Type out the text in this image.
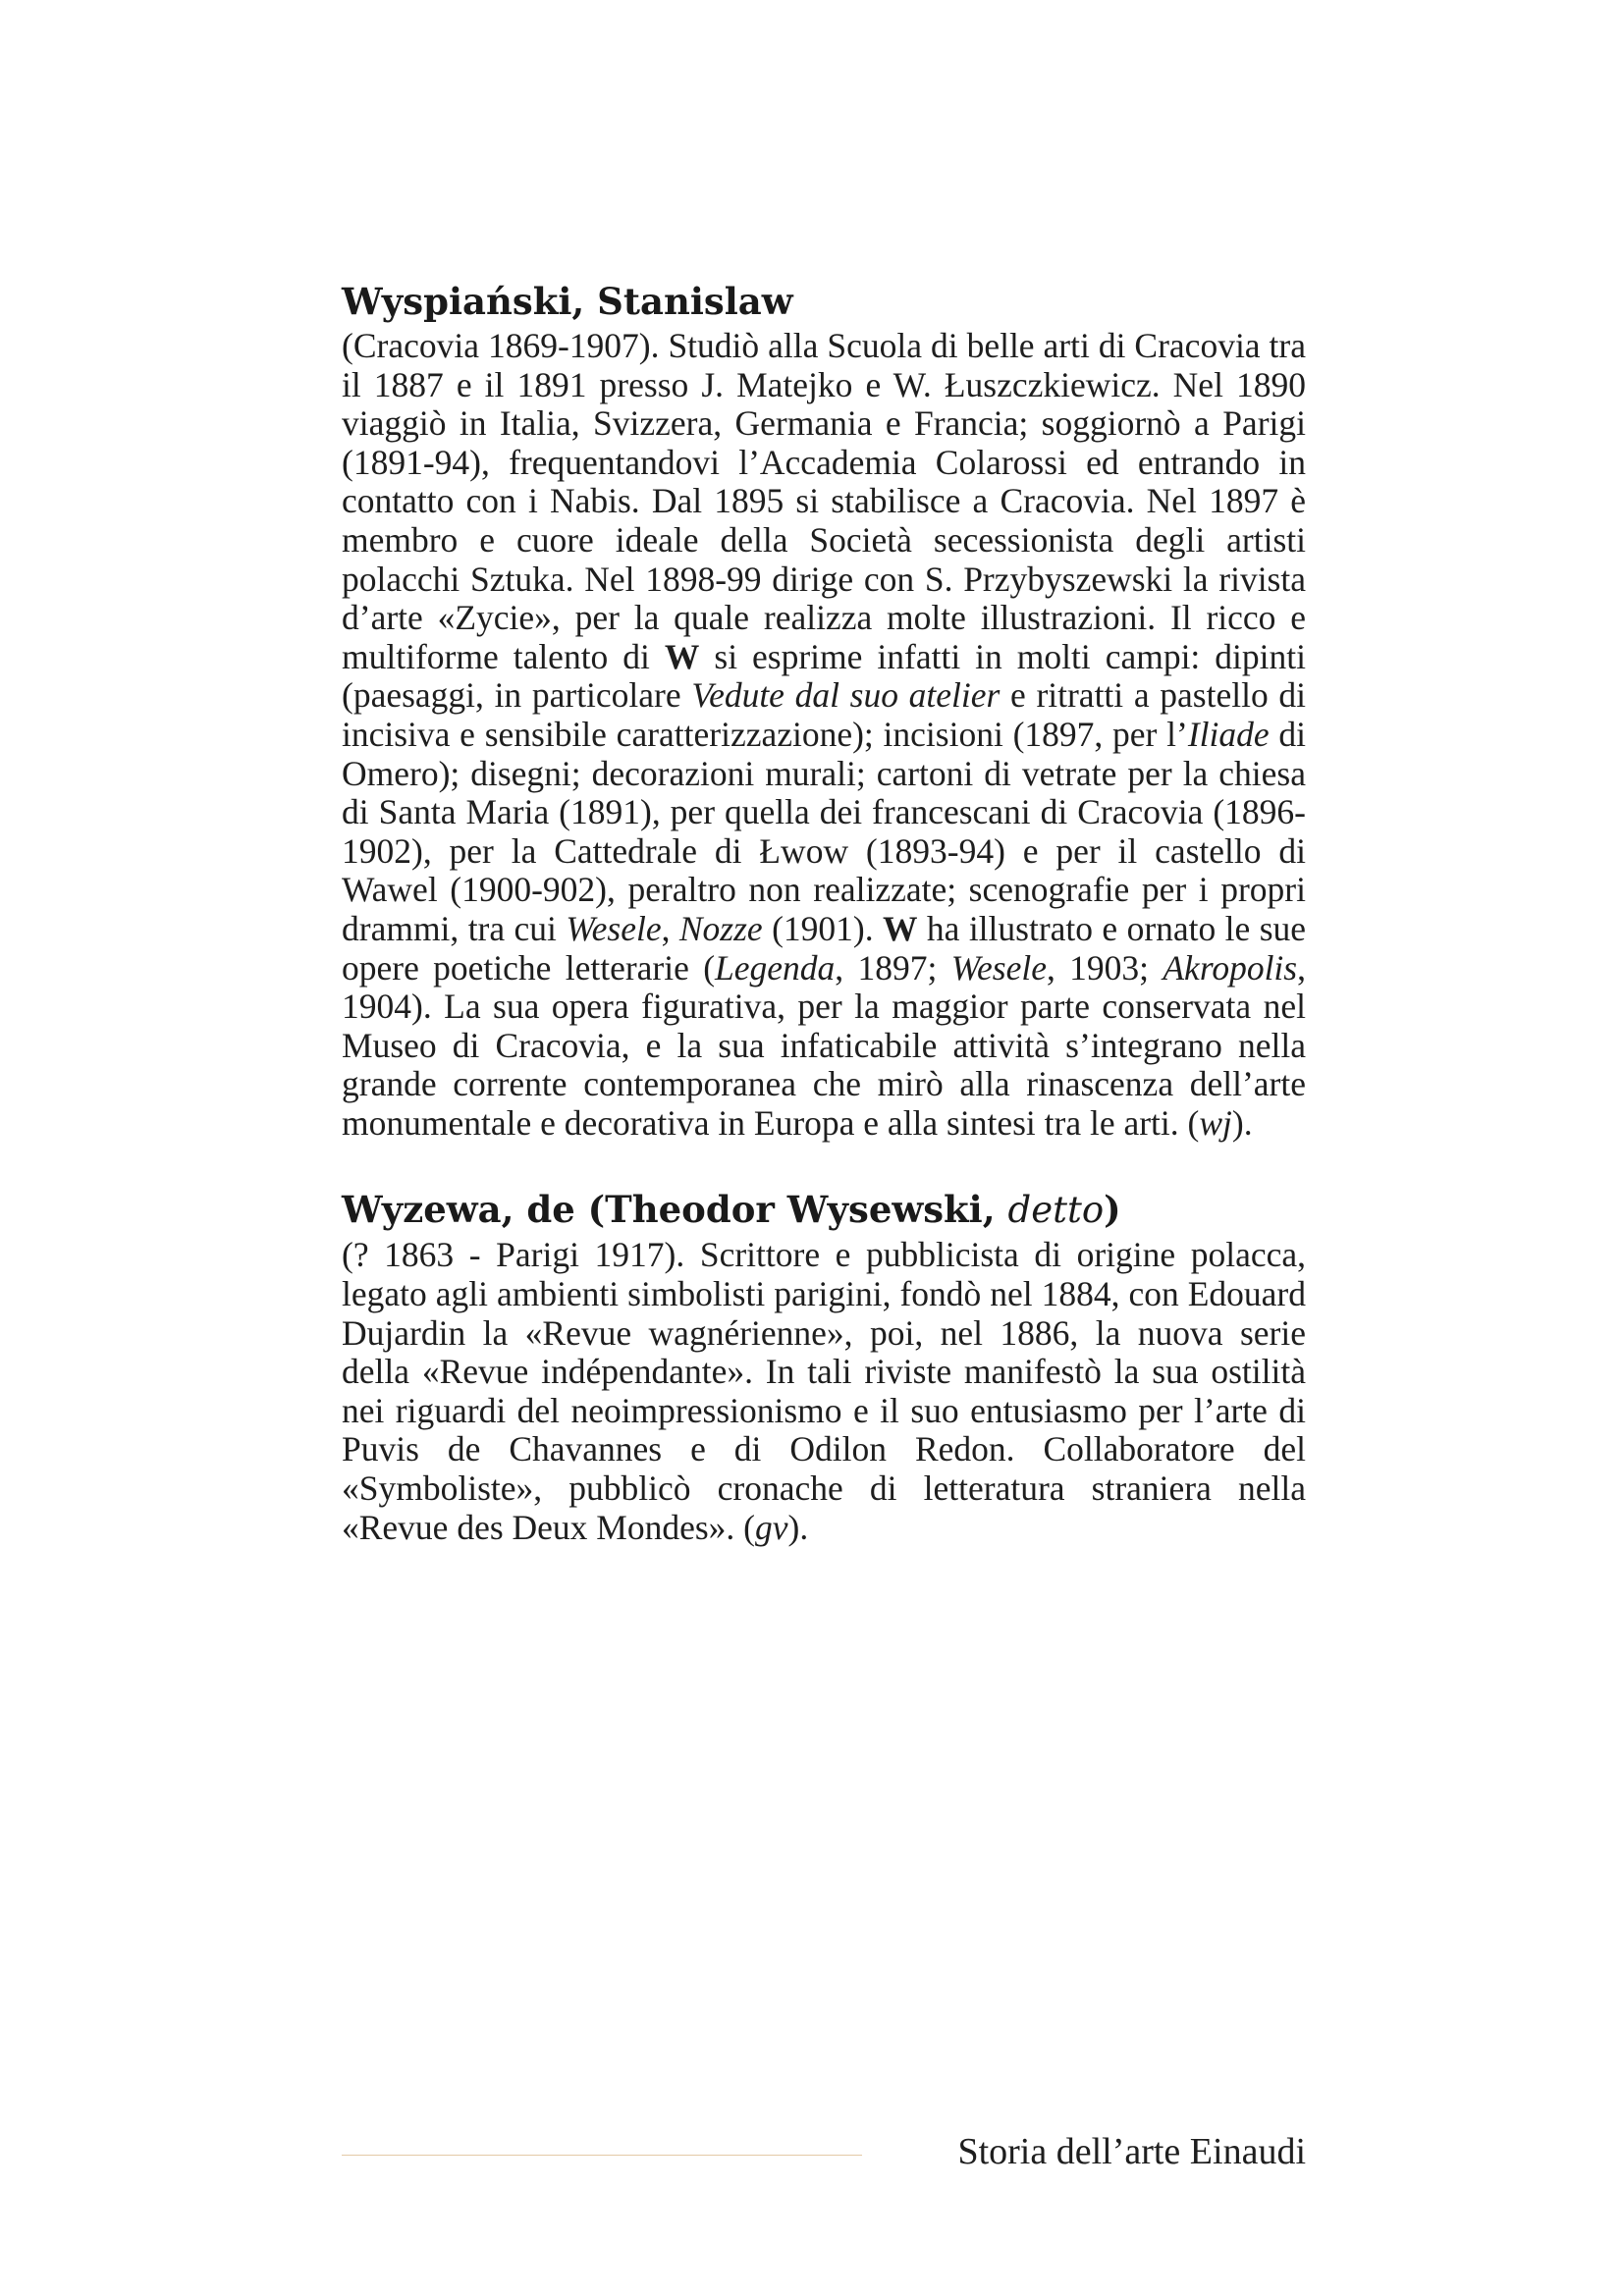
Wyspiański, Stanislaw

(Cracovia 1869-1907). Studiò alla Scuola di belle arti di Cracovia tra il 1887 e il 1891 presso J. Matejko e W. Łuszczkiewicz. Nel 1890 viaggiò in Italia, Svizzera, Germania e Francia; soggiornò a Parigi (1891-94), frequentandovi l’Accademia Colarossi ed entrando in contatto con i Nabis. Dal 1895 si stabilisce a Cracovia. Nel 1897 è membro e cuore ideale della Società secessionista degli artisti polacchi Sztuka. Nel 1898-99 dirige con S. Przybyszewski la rivista d’arte «Zycie», per la quale realizza molte illustrazioni. Il ricco e multiforme talento di W si esprime infatti in molti campi: dipinti (paesaggi, in particolare Vedute dal suo atelier e ritratti a pastello di incisiva e sensibile caratterizzazione); incisioni (1897, per l’Iliade di Omero); disegni; decorazioni murali; cartoni di vetrate per la chiesa di Santa Maria (1891), per quella dei francescani di Cracovia (1896-1902), per la Cattedrale di Łwow (1893-94) e per il castello di Wawel (1900-902), peraltro non realizzate; scenografie per i propri drammi, tra cui Wesele, Nozze (1901). W ha illustrato e ornato le sue opere poetiche letterarie (Legenda, 1897; Wesele, 1903; Akropolis, 1904). La sua opera figurativa, per la maggior parte conservata nel Museo di Cracovia, e la sua infaticabile attività s’integrano nella grande corrente contemporanea che mirò alla rinascenza dell’arte monumentale e decorativa in Europa e alla sintesi tra le arti. (wj).

Wyzewa, de (Theodor Wysewski, detto)

(? 1863 - Parigi 1917). Scrittore e pubblicista di origine polacca, legato agli ambienti simbolisti parigini, fondò nel 1884, con Edouard Dujardin la «Revue wagnérienne», poi, nel 1886, la nuova serie della «Revue indépendante». In tali riviste manifestò la sua ostilità nei riguardi del neoimpressionismo e il suo entusiasmo per l’arte di Puvis de Chavannes e di Odilon Redon. Collaboratore del «Symboliste», pubblicò cronache di letteratura straniera nella «Revue des Deux Mondes». (gv).

Storia dell’arte Einaudi
